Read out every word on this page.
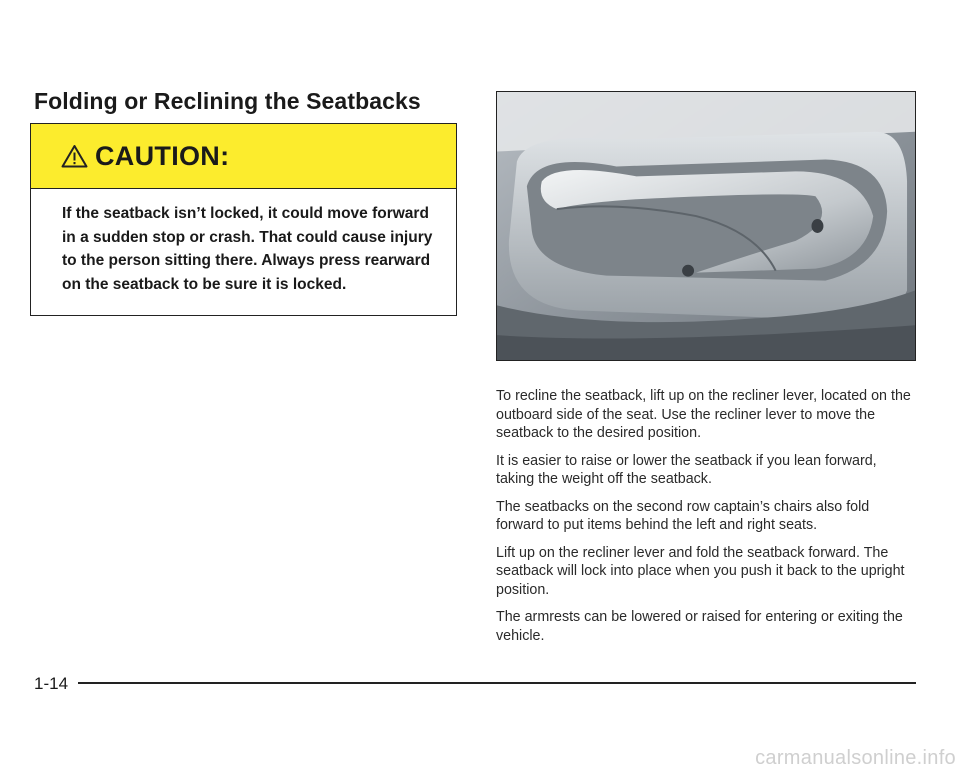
Folding or Reclining the Seatbacks
CAUTION:

If the seatback isn’t locked, it could move forward in a sudden stop or crash. That could cause injury to the person sitting there. Always press rearward on the seatback to be sure it is locked.

To recline the seatback, lift up on the recliner lever, located on the outboard side of the seat. Use the recliner lever to move the seatback to the desired position.

It is easier to raise or lower the seatback if you lean forward, taking the weight off the seatback.

The seatbacks on the second row captain’s chairs also fold forward to put items behind the left and right seats.

Lift up on the recliner lever and fold the seatback forward. The seatback will lock into place when you push it back to the upright position.

The armrests can be lowered or raised for entering or exiting the vehicle.

1-14
carmanualsonline.info
